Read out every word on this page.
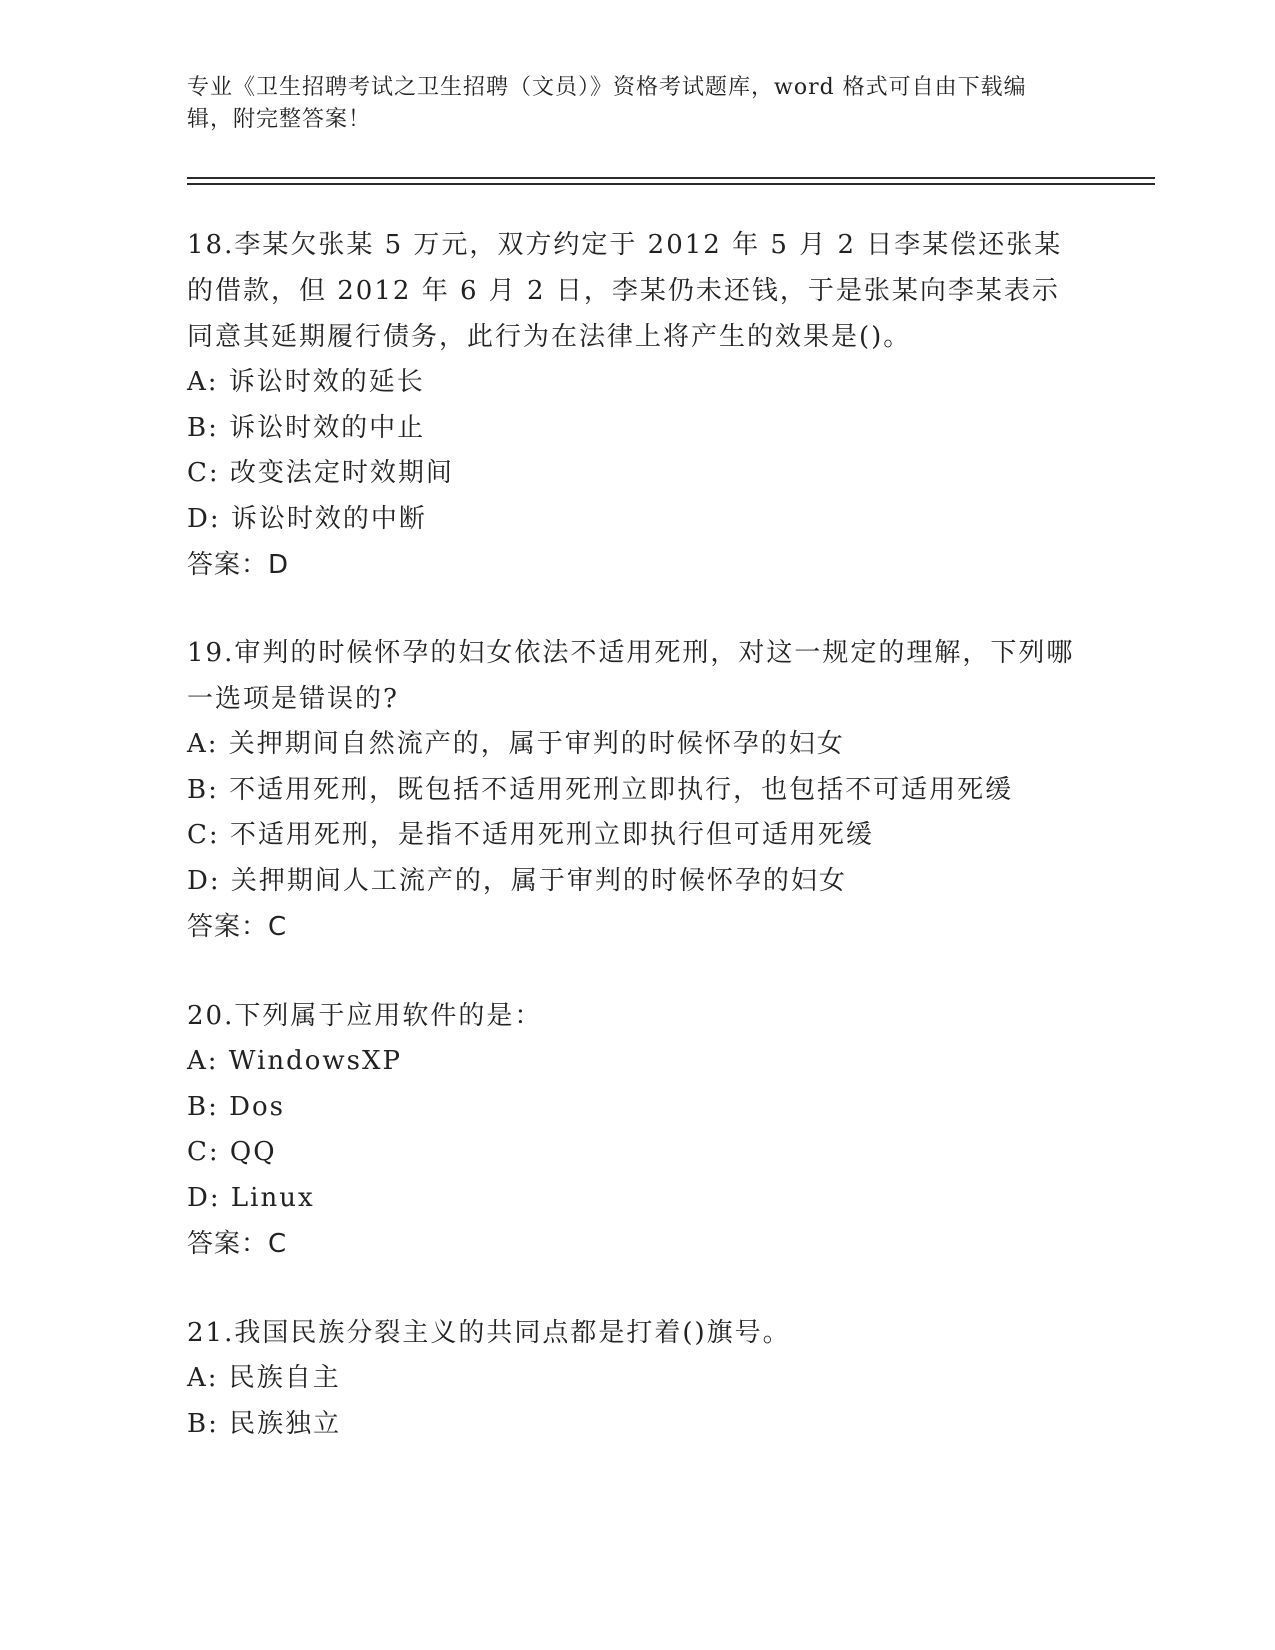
专业《卫生招聘考试之卫生招聘（文员）》资格考试题库，word 格式可自由下载编辑，附完整答案！

18.李某欠张某 5 万元，双方约定于 2012 年 5 月 2 日李某偿还张某的借款，但 2012 年 6 月 2 日，李某仍未还钱，于是张某向李某表示同意其延期履行债务，此行为在法律上将产生的效果是()。

A: 诉讼时效的延长
B: 诉讼时效的中止
C: 改变法定时效期间
D: 诉讼时效的中断

答案：D

19.审判的时候怀孕的妇女依法不适用死刑，对这一规定的理解，下列哪一选项是错误的?

A: 关押期间自然流产的，属于审判的时候怀孕的妇女
B: 不适用死刑，既包括不适用死刑立即执行，也包括不可适用死缓
C: 不适用死刑，是指不适用死刑立即执行但可适用死缓
D: 关押期间人工流产的，属于审判的时候怀孕的妇女

答案：C

20.下列属于应用软件的是：

A: WindowsXP
B: Dos
C: QQ
D: Linux

答案：C

21.我国民族分裂主义的共同点都是打着()旗号。

A: 民族自主
B: 民族独立
